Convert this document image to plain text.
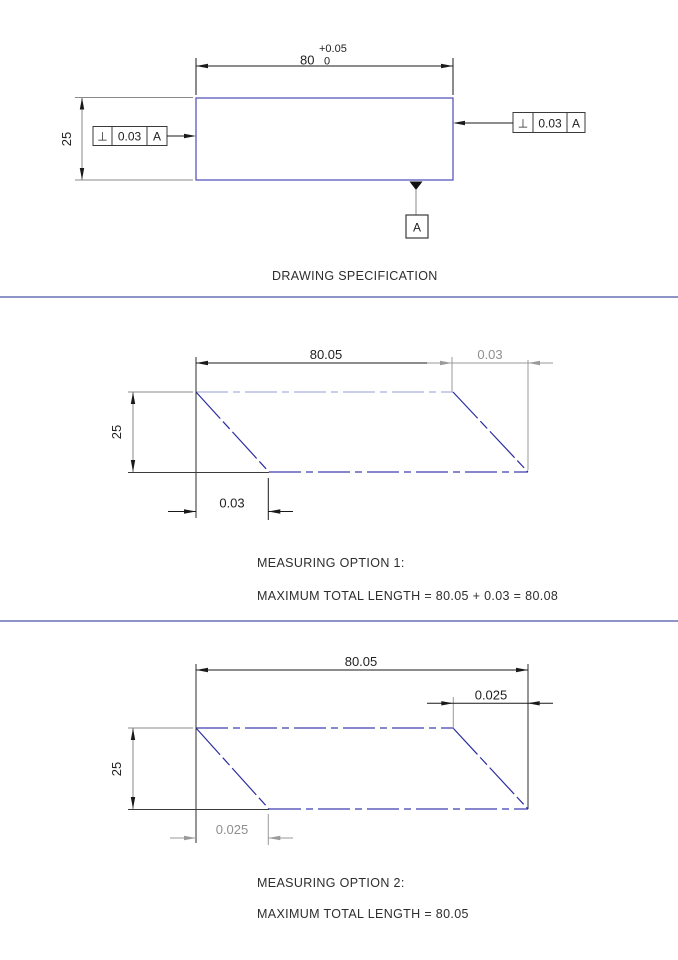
80
+0.05
0
25 ⊥ 0.03 A
⊥ 0.03 A
A
80.05	0.03
25
0.03
80.05
0.025
25
0.025
DRAWING SPECIFICATION
MEASURING OPTION 1:
MAXIMUM TOTAL LENGTH = 80.05 + 0.03 = 80.08
MEASURING OPTION 2:
MAXIMUM TOTAL LENGTH = 80.05
